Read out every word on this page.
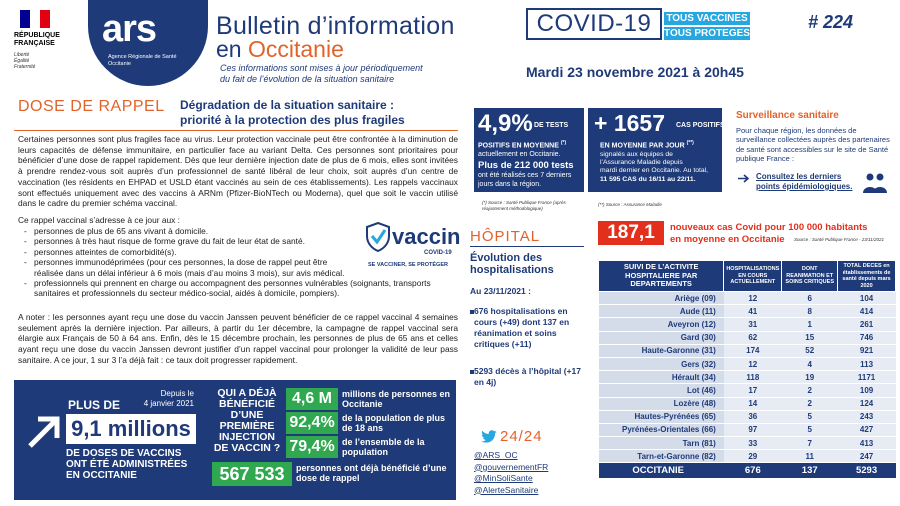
RÉPUBLIQUE
FRANÇAISE
Liberté
Égalité
Fraternité
ars
Agence Régionale de Santé
Occitanie
Bulletin d’information	COVID-19	TOUS VACCINES
TOUS PROTEGES
# 224
en Occitanie
Ces informations sont mises à jour périodiquement
du fait de l’évolution de la situation sanitaire	Mardi 23 novembre 2021 à 20h45
DOSE DE RAPPEL Dégradation de la situation sanitaire :
priorité à la protection des plus fragiles

Certaines personnes sont plus fragiles face au virus. Leur protection vaccinale peut être confrontée à la diminution de leurs capacités de défense immunitaire, en particulier face au variant Delta. Ces personnes sont prioritaires pour bénéficier d’une dose de rappel rapidement. Dès que leur dernière injection date de plus de 6 mois, elles sont invitées à prendre rendez-vous soit auprès d’un professionnel de santé libéral de leur choix, soit auprès d’un centre de vaccination (les résidents en EHPAD et USLD étant vaccinés au sein de ces établissements). Les rappels vaccinaux sont effectués uniquement avec des vaccins à ARNm (Pfizer-BioNTech ou Moderna), quel que soit le vaccin utilisé dans le cadre du premier schéma vaccinal.

Ce rappel vaccinal s’adresse à ce jour aux :
- personnes de plus de 65 ans vivant à domicile.
- personnes à très haut risque de forme grave du fait de leur état de santé.
- personnes atteintes de comorbidité(s).
- personnes immunodéprimées (pour ces personnes, la dose de rappel peut être réalisée dans un délai inférieur à 6 mois (mais d’au moins 3 mois), sur avis médical.
- professionnels qui prennent en charge ou accompagnent des personnes vulnérables (soignants, transports sanitaires et professionnels du secteur médico-social, aidés à domicile, pompiers).
vaccin
COVID-19
SE VACCINER, SE PROTÉGER

A noter : les personnes ayant reçu une dose du vaccin Janssen peuvent bénéficier de ce rappel vaccinal 4 semaines seulement après la dernière injection. Par ailleurs, à partir du 1er décembre, la campagne de rappel vaccinal sera élargie aux Français de 50 à 64 ans. Enfin, dès le 15 décembre prochain, les personnes de plus de 65 ans et celles ayant reçu une dose du vaccin Janssen devront justifier d’un rappel vaccinal pour prolonger la validité de leur pass sanitaire. A ce jour, 1 sur 3 l’a déjà fait : ce taux doit progresser rapidement.

PLUS DE
Depuis le
4 janvier 2021
9,1 millions
DE DOSES DE VACCINS
ONT ÉTÉ ADMINISTRÉES
EN OCCITANIE
QUI A DÉJÀ BÉNÉFICIÉ D’UNE PREMIÈRE INJECTION DE VACCIN ?
4,6 M	millions de personnes en Occitanie
92,4% de la population de plus de 18 ans
79,4% de l’ensemble de la population
567 533	personnes ont déjà bénéficié d’une dose de rappel
4,9% DE TESTS
POSITIFS EN MOYENNE (*)
actuellement en Occitanie.
Plus de 212 000 tests
ont été réalisés ces 7 derniers jours dans la région.
+ 1657 CAS POSITIFS
EN MOYENNE PAR JOUR (**)
signalés aux équipes de
l’Assurance Maladie depuis
mardi dernier en Occitanie. Au total,
11 595 CAS du 16/11 au 22/11.
(*) Source : Santé Publique France (après réajustement méthodologique)
(**) Source : Assurance Maladie
HÔPITAL
Évolution des
hospitalisations
Au 23/11/2021 :
676 hospitalisations en cours (+49) dont 137 en réanimation et soins critiques (+11)
5293 décès à l’hôpital (+17 en 4j)
24/24
@ARS_OC
@gouvernementFR
@MinSoliSante
@AlerteSanitaire
Surveillance sanitaire
Pour chaque région, les données de surveillance collectées auprès des partenaires de santé sont accessibles sur le site de Santé publique France :
Consultez les derniers points épidémiologiques.
187,1	nouveaux cas Covid pour 100 000 habitants
en moyenne en Occitanie Source : Santé Publique France - 23/11/2021
SUIVI DE L’ACTIVITE HOSPITALIERE PAR DEPARTEMENTS	HOSPITALISATIONS EN COURS ACTUELLEMENT	DONT REANIMATION ET SOINS CRITIQUES	TOTAL DECES en établissements de santé depuis mars 2020
Ariège (09)	12	6	104
Aude (11)	41	8	414
Aveyron (12)	31	1	261
Gard (30)	62	15	746
Haute-Garonne (31)	174	52	921
Gers (32)	12	4	113
Hérault (34)	118	19	1171
Lot (46)	17	2	109
Lozère (48)	14	2	124
Hautes-Pyrénées (65)	36	5	243
Pyrénées-Orientales (66)	97	5	427
Tarn (81)	33	7	413
Tarn-et-Garonne (82)	29	11	247
OCCITANIE	676	137	5293
